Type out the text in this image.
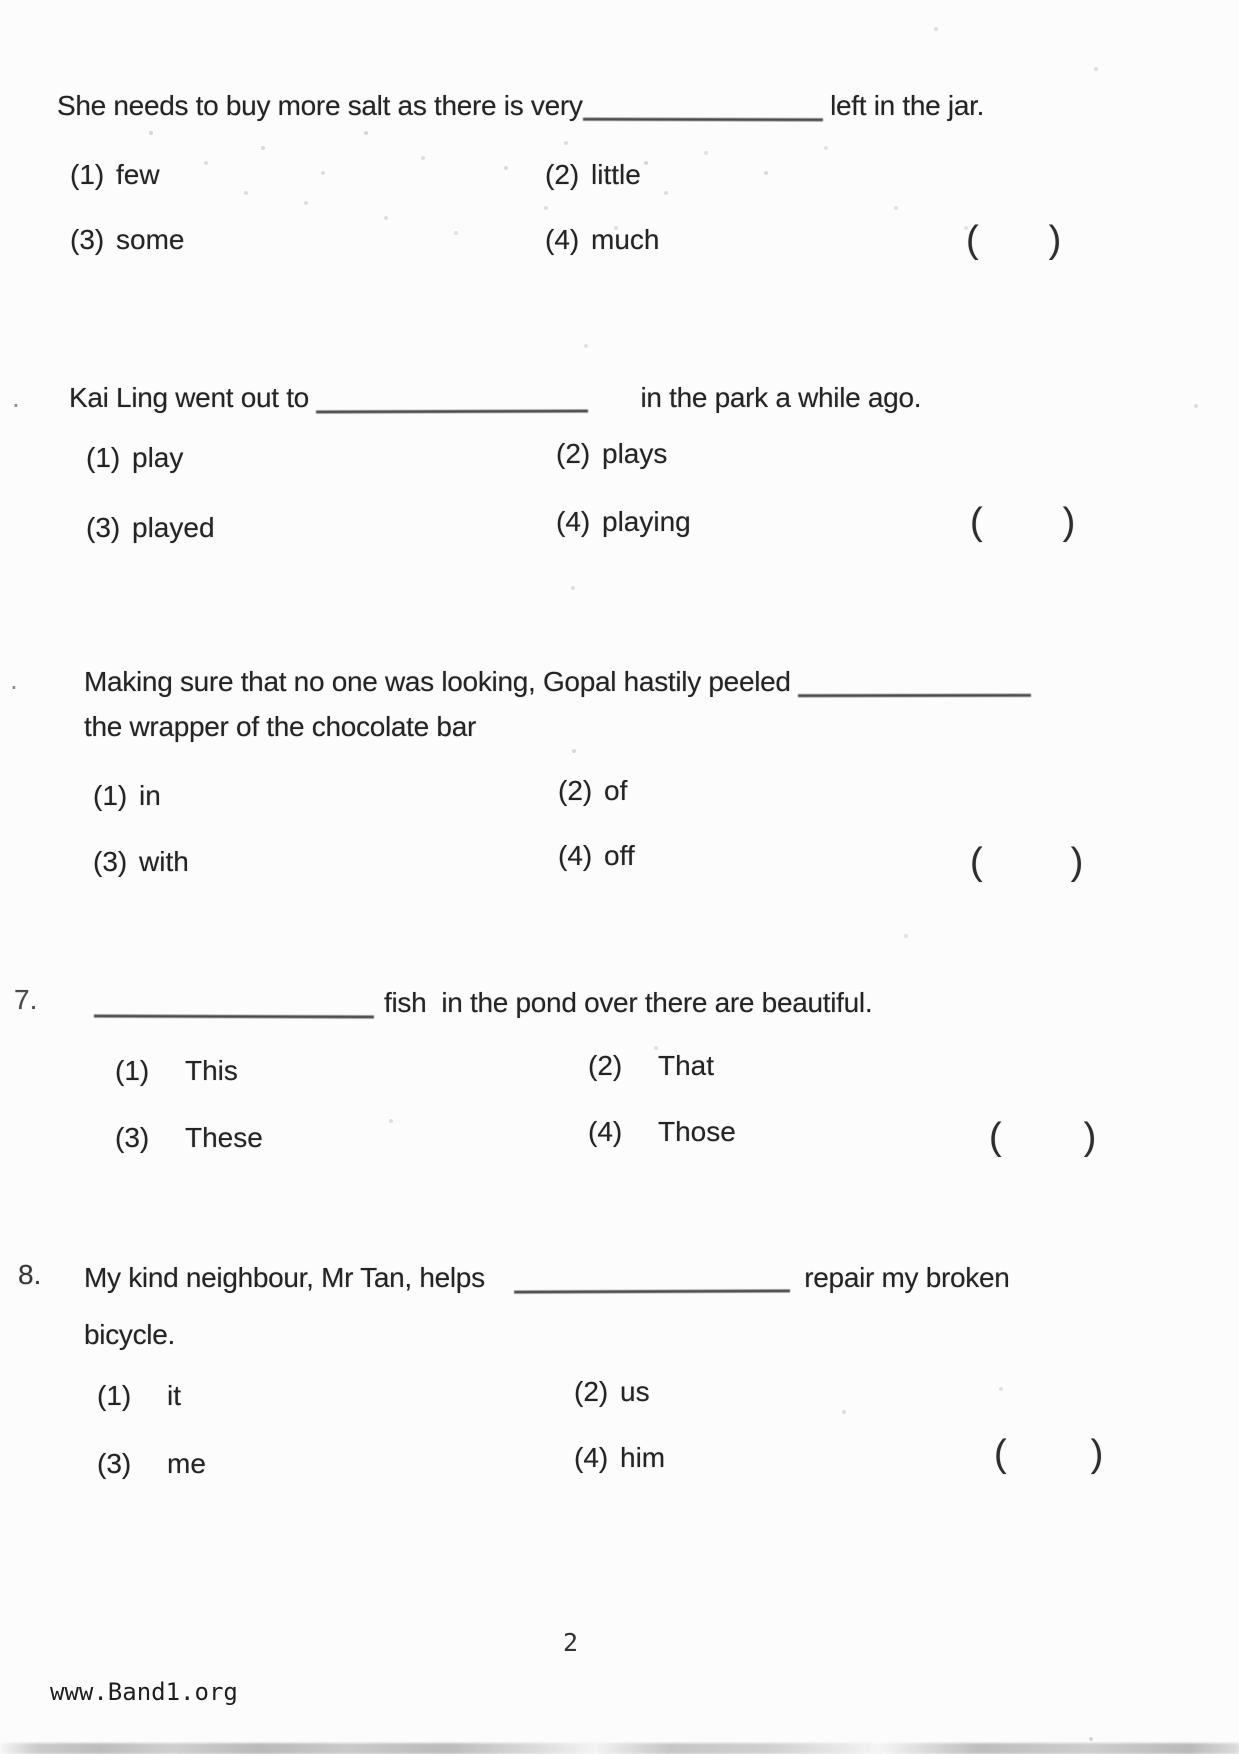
She needs to buy more salt as there is very	left in the jar.
(1) few	(2) little
(3) some	(4) much	( )
. Kai Ling went out to	in the park a while ago.
(1) play	(2) plays
(3) played	(4) playing	( )
. Making sure that no one was looking, Gopal hastily peeled
the wrapper of the chocolate bar
(1) in	(2) of
(3) with	(4) off	( )
7.	fish  in the pond over there are beautiful.
(1) This	(2) That
(3) These	(4) Those	( )
8. My kind neighbour, Mr Tan, helps	repair my broken
bicycle.
(1) it	(2) us
(3) me	(4) him	( )
2
www.Band1.org
